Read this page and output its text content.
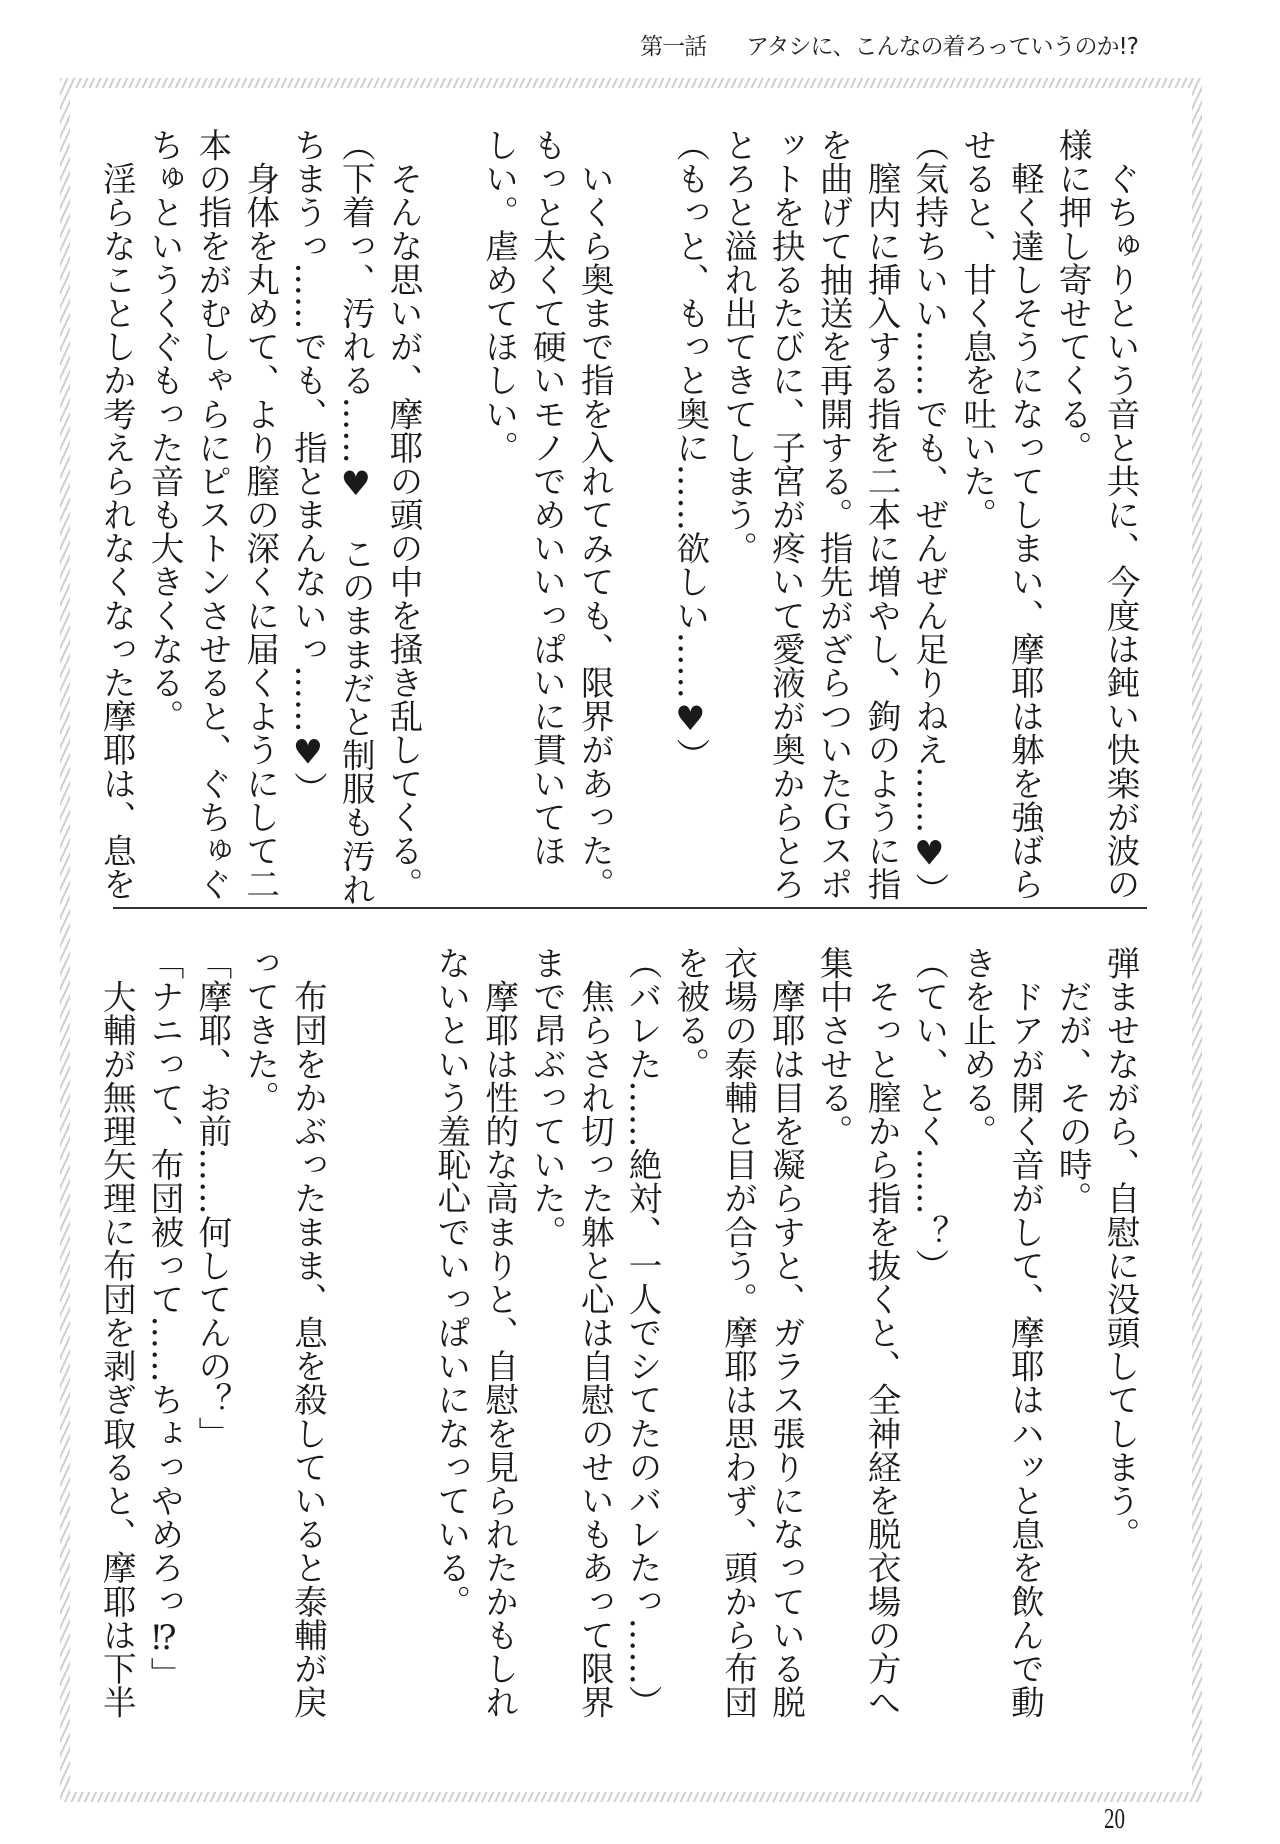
第一話 アタシに、こんなの着ろっていうのか!?
　ぐちゅりという音と共に、今度は鈍い快楽が波の
様に押し寄せてくる。
　軽く達しそうになってしまい、摩耶は躰を強ばら
せると、甘く息を吐いた。
（気持ちいい……でも、ぜんぜん足りねえ……♥）
　膣内に挿入する指を二本に増やし、鉤のように指
を曲げて抽送を再開する。指先がざらついたＧスポ
ットを抉るたびに、子宮が疼いて愛液が奥からとろ
とろと溢れ出てきてしまう。
（もっと、もっと奥に……欲しい……♥）
　いくら奥まで指を入れてみても、限界があった。
もっと太くて硬いモノでめいいっぱいに貫いてほ
しい。虐めてほしい。
　そんな思いが、摩耶の頭の中を掻き乱してくる。
（下着っ、汚れる……♥　このままだと制服も汚れ
ちまうっ……でも、指とまんないっ……♥）
　身体を丸めて、より膣の深くに届くようにして二
本の指をがむしゃらにピストンさせると、ぐちゅぐ
ちゅというくぐもった音も大きくなる。
　淫らなことしか考えられなくなった摩耶は、息を
弾ませながら、自慰に没頭してしまう。
　だが、その時。
　ドアが開く音がして、摩耶はハッと息を飲んで動
きを止める。
（てい、とく……？）
　そっと膣から指を抜くと、全神経を脱衣場の方へ
集中させる。
　摩耶は目を凝らすと、ガラス張りになっている脱
衣場の泰輔と目が合う。摩耶は思わず、頭から布団
を被る。
（バレた……絶対、一人でシてたのバレたっ……）
　焦らされ切った躰と心は自慰のせいもあって限界
まで昂ぶっていた。
　摩耶は性的な高まりと、自慰を見られたかもしれ
ないという羞恥心でいっぱいになっている。
　布団をかぶったまま、息を殺していると泰輔が戻
ってきた。
「摩耶、お前……何してんの？」
「ナニって、布団被って……ちょっやめろっ⁉」
　大輔が無理矢理に布団を剥ぎ取ると、摩耶は下半
20
